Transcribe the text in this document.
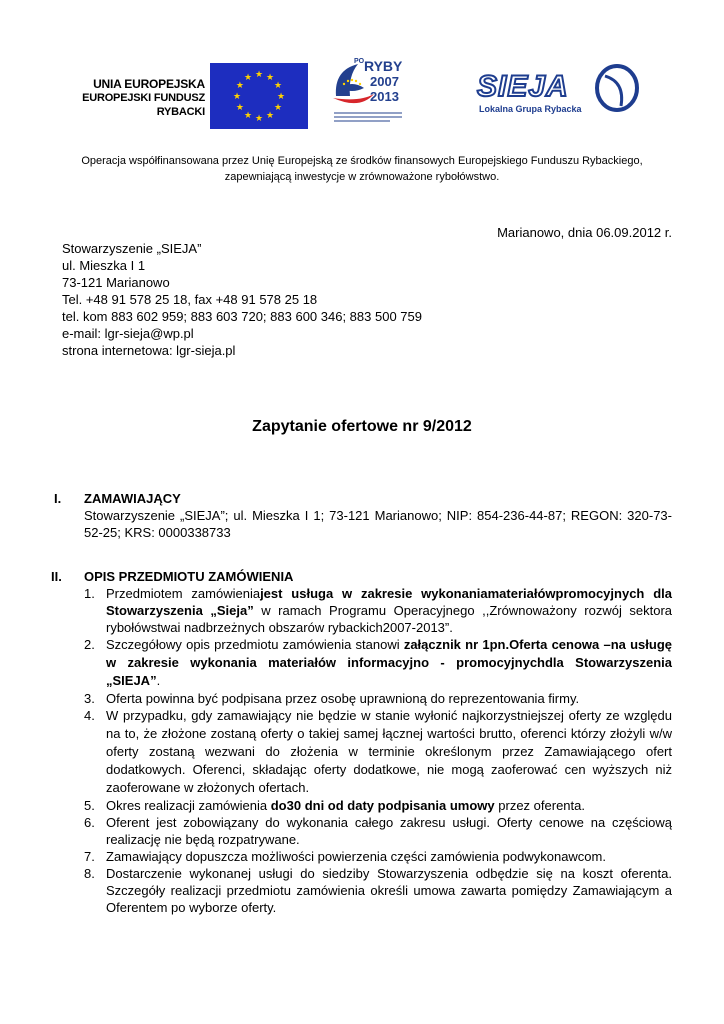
UNIA EUROPEJSKA
EUROPEJSKI FUNDUSZ
RYBACKI
★ ★
★
★
★
★
★
★
★
★
★
★
PO RYBY
2007
2013	SIEJA
Lokalna Grupa Rybacka
Operacja współfinansowana przez Unię Europejską ze środków finansowych Europejskiego Funduszu Rybackiego,
zapewniającą inwestycje w zrównoważone rybołówstwo.
Marianowo, dnia 06.09.2012 r.
Stowarzyszenie „SIEJA”
ul. Mieszka I 1
73-121 Marianowo
Tel. +48 91 578 25 18, fax +48 91 578 25 18
tel. kom 883 602 959; 883 603 720; 883 600 346; 883 500 759
e-mail: lgr-sieja@wp.pl
strona internetowa: lgr-sieja.pl
Zapytanie ofertowe nr 9/2012
I. ZAMAWIAJĄCY
Stowarzyszenie „SIEJA”; ul. Mieszka I 1; 73-121 Marianowo; NIP: 854-236-44-87; REGON: 320-73-52-25; KRS: 0000338733
II. OPIS PRZEDMIOTU ZAMÓWIENIA
1. Przedmiotem zamówieniajest usługa w zakresie wykonaniamateriałówpromocyjnych dla Stowarzyszenia „Sieja” w ramach Programu Operacyjnego ,,Zrównoważony rozwój sektora rybołówstwai nadbrzeżnych obszarów rybackich2007-2013”.
2. Szczegółowy opis przedmiotu zamówienia stanowi załącznik nr 1pn.Oferta cenowa –na usługę w zakresie wykonania materiałów informacyjno - promocyjnychdla Stowarzyszenia „SIEJA”.
3. Oferta powinna być podpisana przez osobę uprawnioną do reprezentowania firmy.
4. W przypadku, gdy zamawiający nie będzie w stanie wyłonić najkorzystniejszej oferty ze względu na to, że złożone zostaną oferty o takiej samej łącznej wartości brutto, oferenci którzy złożyli w/w oferty zostaną wezwani do złożenia w terminie określonym przez Zamawiającego ofert dodatkowych. Oferenci, składając oferty dodatkowe, nie mogą zaoferować cen wyższych niż zaoferowane w złożonych ofertach.
5. Okres realizacji zamówienia do30 dni od daty podpisania umowy przez oferenta.
6. Oferent jest zobowiązany do wykonania całego zakresu usługi. Oferty cenowe na częściową realizację nie będą rozpatrywane.
7. Zamawiający dopuszcza możliwości powierzenia części zamówienia podwykonawcom.
8. Dostarczenie wykonanej usługi do siedziby Stowarzyszenia odbędzie się na koszt oferenta. Szczegóły realizacji przedmiotu zamówienia określi umowa zawarta pomiędzy Zamawiającym a Oferentem po wyborze oferty.
